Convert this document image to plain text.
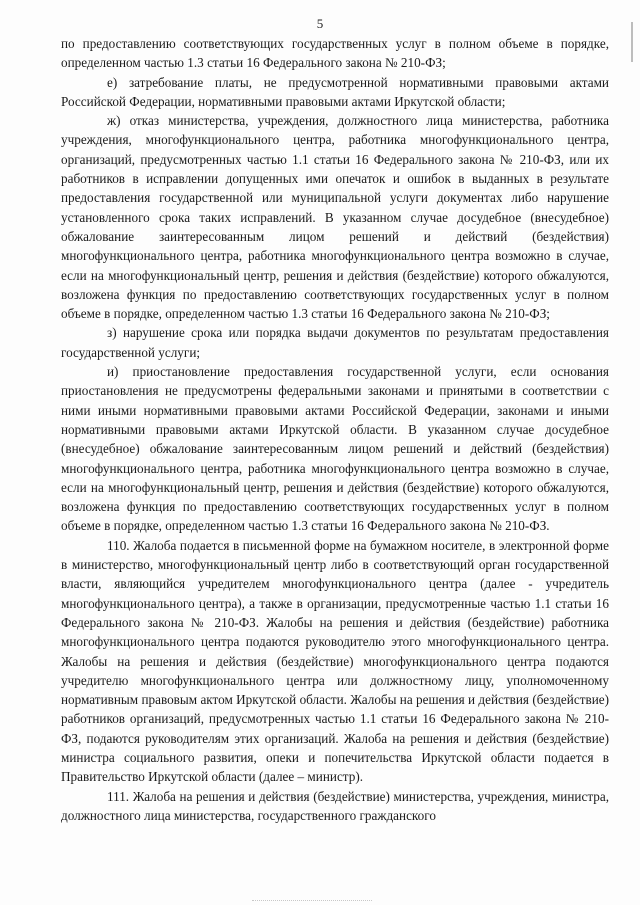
5

по предоставлению соответствующих государственных услуг в полном объеме в порядке, определенном частью 1.3 статьи 16 Федерального закона № 210-ФЗ;

е) затребование платы, не предусмотренной нормативными правовыми актами Российской Федерации, нормативными правовыми актами Иркутской области;

ж) отказ министерства, учреждения, должностного лица министерства, работника учреждения, многофункционального центра, работника многофункционального центра, организаций, предусмотренных частью 1.1 статьи 16 Федерального закона № 210-ФЗ, или их работников в исправлении допущенных ими опечаток и ошибок в выданных в результате предоставления государственной или муниципальной услуги документах либо нарушение установленного срока таких исправлений. В указанном случае досудебное (внесудебное) обжалование заинтересованным лицом решений и действий (бездействия) многофункционального центра, работника многофункционального центра возможно в случае, если на многофункциональный центр, решения и действия (бездействие) которого обжалуются, возложена функция по предоставлению соответствующих государственных услуг в полном объеме в порядке, определенном частью 1.3 статьи 16 Федерального закона № 210-ФЗ;

з) нарушение срока или порядка выдачи документов по результатам предоставления государственной услуги;

и) приостановление предоставления государственной услуги, если основания приостановления не предусмотрены федеральными законами и принятыми в соответствии с ними иными нормативными правовыми актами Российской Федерации, законами и иными нормативными правовыми актами Иркутской области. В указанном случае досудебное (внесудебное) обжалование заинтересованным лицом решений и действий (бездействия) многофункционального центра, работника многофункционального центра возможно в случае, если на многофункциональный центр, решения и действия (бездействие) которого обжалуются, возложена функция по предоставлению соответствующих государственных услуг в полном объеме в порядке, определенном частью 1.3 статьи 16 Федерального закона № 210-ФЗ.

110. Жалоба подается в письменной форме на бумажном носителе, в электронной форме в министерство, многофункциональный центр либо в соответствующий орган государственной власти, являющийся учредителем многофункционального центра (далее - учредитель многофункционального центра), а также в организации, предусмотренные частью 1.1 статьи 16 Федерального закона № 210-ФЗ. Жалобы на решения и действия (бездействие) работника многофункционального центра подаются руководителю этого многофункционального центра. Жалобы на решения и действия (бездействие) многофункционального центра подаются учредителю многофункционального центра или должностному лицу, уполномоченному нормативным правовым актом Иркутской области. Жалобы на решения и действия (бездействие) работников организаций, предусмотренных частью 1.1 статьи 16 Федерального закона № 210-ФЗ, подаются руководителям этих организаций. Жалоба на решения и действия (бездействие) министра социального развития, опеки и попечительства Иркутской области подается в Правительство Иркутской области (далее – министр).

111. Жалоба на решения и действия (бездействие) министерства, учреждения, министра, должностного лица министерства, государственного гражданского
